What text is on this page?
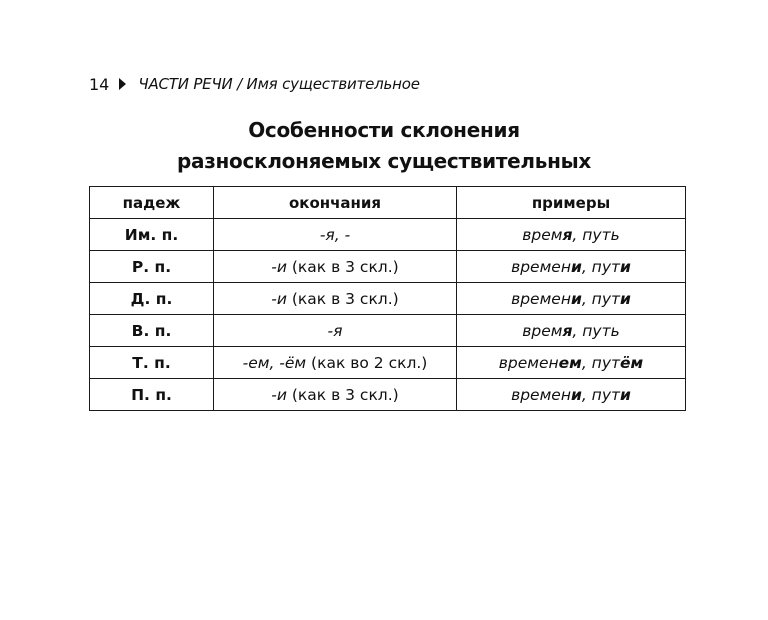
14 ЧАСТИ РЕЧИ / Имя существительное
Особенности склонения
разносклоняемых существительных
падеж	окончания	примеры
Им. п.	-я, -	время, путь
Р. п.	-и (как в 3 скл.)	времени, пути
Д. п.	-и (как в 3 скл.)	времени, пути
В. п.	-я	время, путь
Т. п.	-ем, -ём (как во 2 скл.)	временем, путём
П. п.	-и (как в 3 скл.)	времени, пути
